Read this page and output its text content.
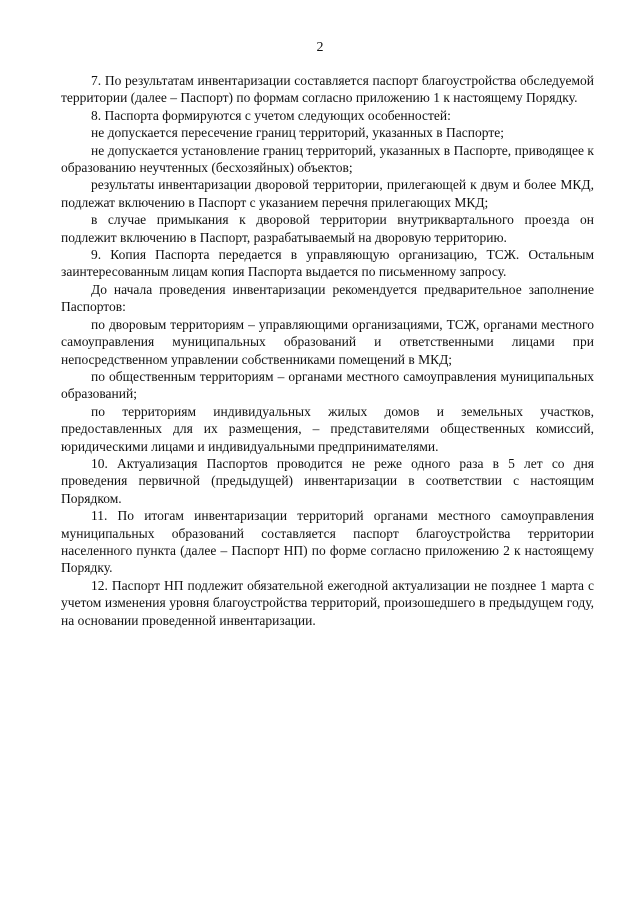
2

7. По результатам инвентаризации составляется паспорт благоустройства обследуемой территории (далее – Паспорт) по формам согласно приложению 1 к настоящему Порядку.

8. Паспорта формируются с учетом следующих особенностей:

не допускается пересечение границ территорий, указанных в Паспорте;

не допускается установление границ территорий, указанных в Паспорте, приводящее к образованию неучтенных (бесхозяйных) объектов;

результаты инвентаризации дворовой территории, прилегающей к двум и более МКД, подлежат включению в Паспорт с указанием перечня прилегающих МКД;

в случае примыкания к дворовой территории внутриквартального проезда он подлежит включению в Паспорт, разрабатываемый на дворовую территорию.

9. Копия Паспорта передается в управляющую организацию, ТСЖ. Остальным заинтересованным лицам копия Паспорта выдается по письменному запросу.

До начала проведения инвентаризации рекомендуется предварительное заполнение Паспортов:

по дворовым территориям – управляющими организациями, ТСЖ, органами местного самоуправления муниципальных образований и ответственными лицами при непосредственном управлении собственниками помещений в МКД;

по общественным территориям – органами местного самоуправления муниципальных образований;

по территориям индивидуальных жилых домов и земельных участков, предоставленных для их размещения, – представителями общественных комиссий, юридическими лицами и индивидуальными предпринимателями.

10. Актуализация Паспортов проводится не реже одного раза в 5 лет со дня проведения первичной (предыдущей) инвентаризации в соответствии с настоящим Порядком.

11. По итогам инвентаризации территорий органами местного самоуправления муниципальных образований составляется паспорт благоустройства территории населенного пункта (далее – Паспорт НП) по форме согласно приложению 2 к настоящему Порядку.

12. Паспорт НП подлежит обязательной ежегодной актуализации не позднее 1 марта с учетом изменения уровня благоустройства территорий, произошедшего в предыдущем году, на основании проведенной инвентаризации.
